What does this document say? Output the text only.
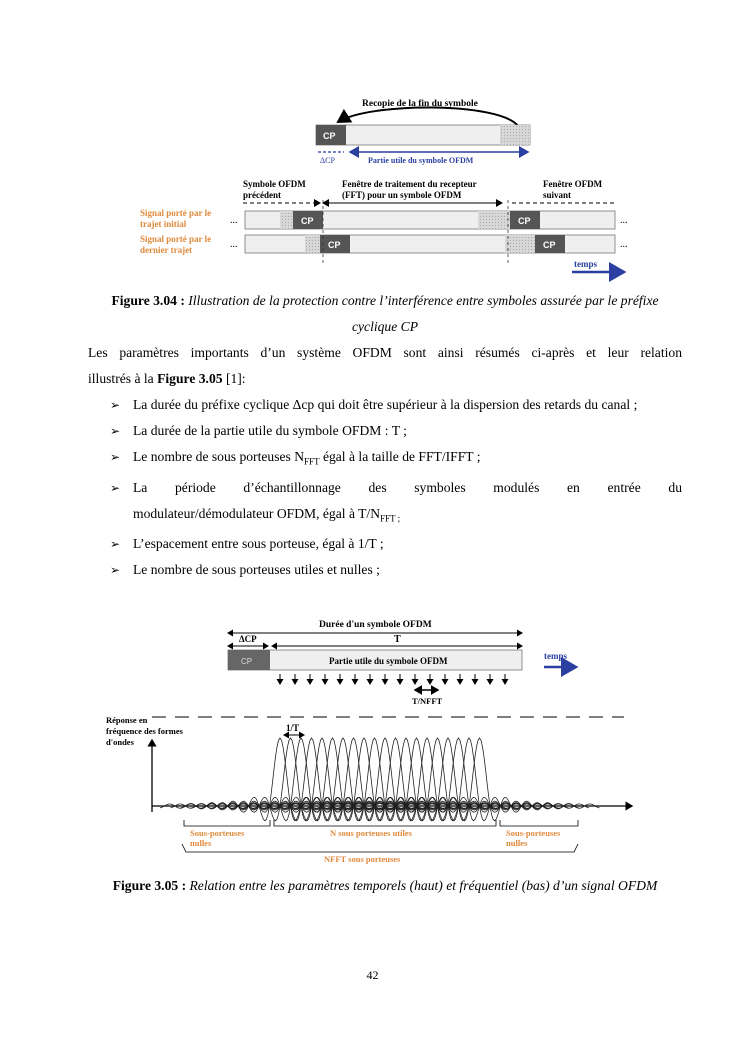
Recopie de la fin du symbole
CP
ΔCP	Partie utile du symbole OFDM
Symbole OFDM
précédent
Fenêtre de traitement du recepteur
(FFT) pour un symbole OFDM
Fenêtre OFDM
suivant
Signal porté par le
trajet initial
Signal porté par le
dernier trajet
CP	CP
...	...
CP	CP
...	...
temps
Figure 3.04 : Illustration de la protection contre l’interférence entre symboles assurée par le préfixe cyclique CP
Les paramètres importants d’un système OFDM sont ainsi résumés ci-après et leur relation
illustrés à la Figure 3.05 [1]:
➢ La durée du préfixe cyclique Δcp qui doit être supérieur à la dispersion des retards du canal ;
➢ La durée de la partie utile du symbole OFDM : T ;
➢ Le nombre de sous porteuses $N_{FFT}$ égal à la taille de FFT/IFFT ;
➢ La période d’échantillonnage des symboles modulés en entrée du
modulateur/démodulateur OFDM, égal à $T/N_{FFT ;}$
➢ L’espacement entre sous porteuse, égal à 1/T ;
➢ Le nombre de sous porteuses utiles et nulles ;
Durée d'un symbole OFDM
ΔCP	T
CP	Partie utile du symbole OFDM	temps
T/NFFT
Réponse en
fréquence des formes
d'ondes
1/T
Sous-porteuses
nulles
N sous porteuses utiles	Sous-porteuses
nulles
NFFT sous porteuses
Figure 3.05 : Relation entre les paramètres temporels (haut) et fréquentiel (bas) d’un signal OFDM
42
